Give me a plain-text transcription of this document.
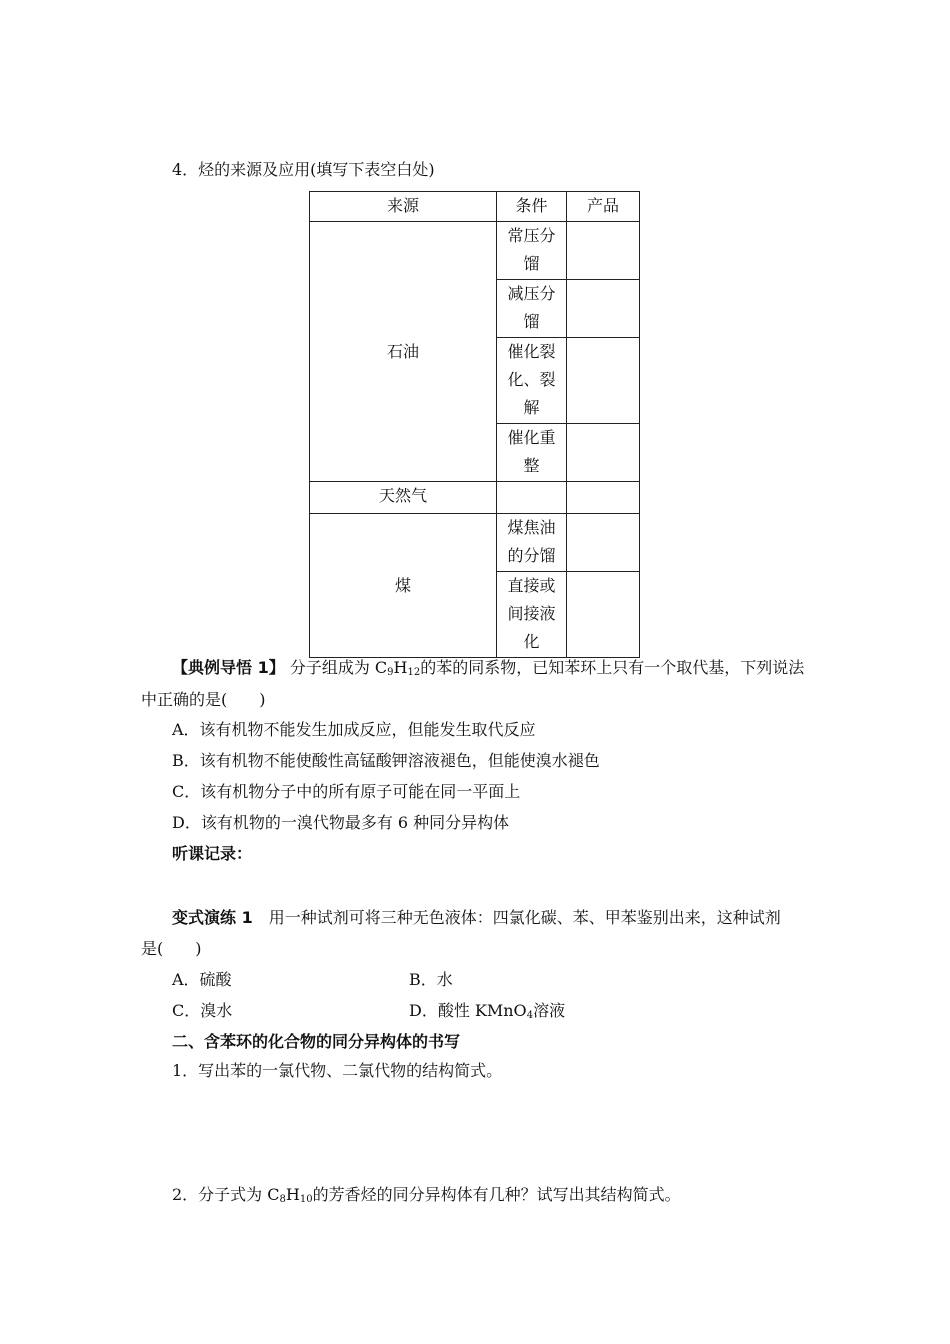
4．烃的来源及应用(填写下表空白处)
来源	条件	产品
石油	常压分
馏	
	减压分
馏	
	催化裂
化、裂
解	
	催化重
整	
天然气		
煤	煤焦油
的分馏	
	直接或
间接液
化	
【典例导悟 1】 分子组成为 $C_9H_{12}$的苯的同系物，已知苯环上只有一个取代基，下列说法
中正确的是(　　)
A．该有机物不能发生加成反应，但能发生取代反应
B．该有机物不能使酸性高锰酸钾溶液褪色，但能使溴水褪色
C．该有机物分子中的所有原子可能在同一平面上
D．该有机物的一溴代物最多有 6 种同分异构体
听课记录：
变式演练 1　 用一种试剂可将三种无色液体：四氯化碳、苯、甲苯鉴别出来，这种试剂
是(　　)
A．硫酸	B．水
C．溴水	D．酸性 KMnO$_4$溶液
二、含苯环的化合物的同分异构体的书写
1．写出苯的一氯代物、二氯代物的结构简式。
2．分子式为 $C_8H_{10}$的芳香烃的同分异构体有几种？试写出其结构简式。
